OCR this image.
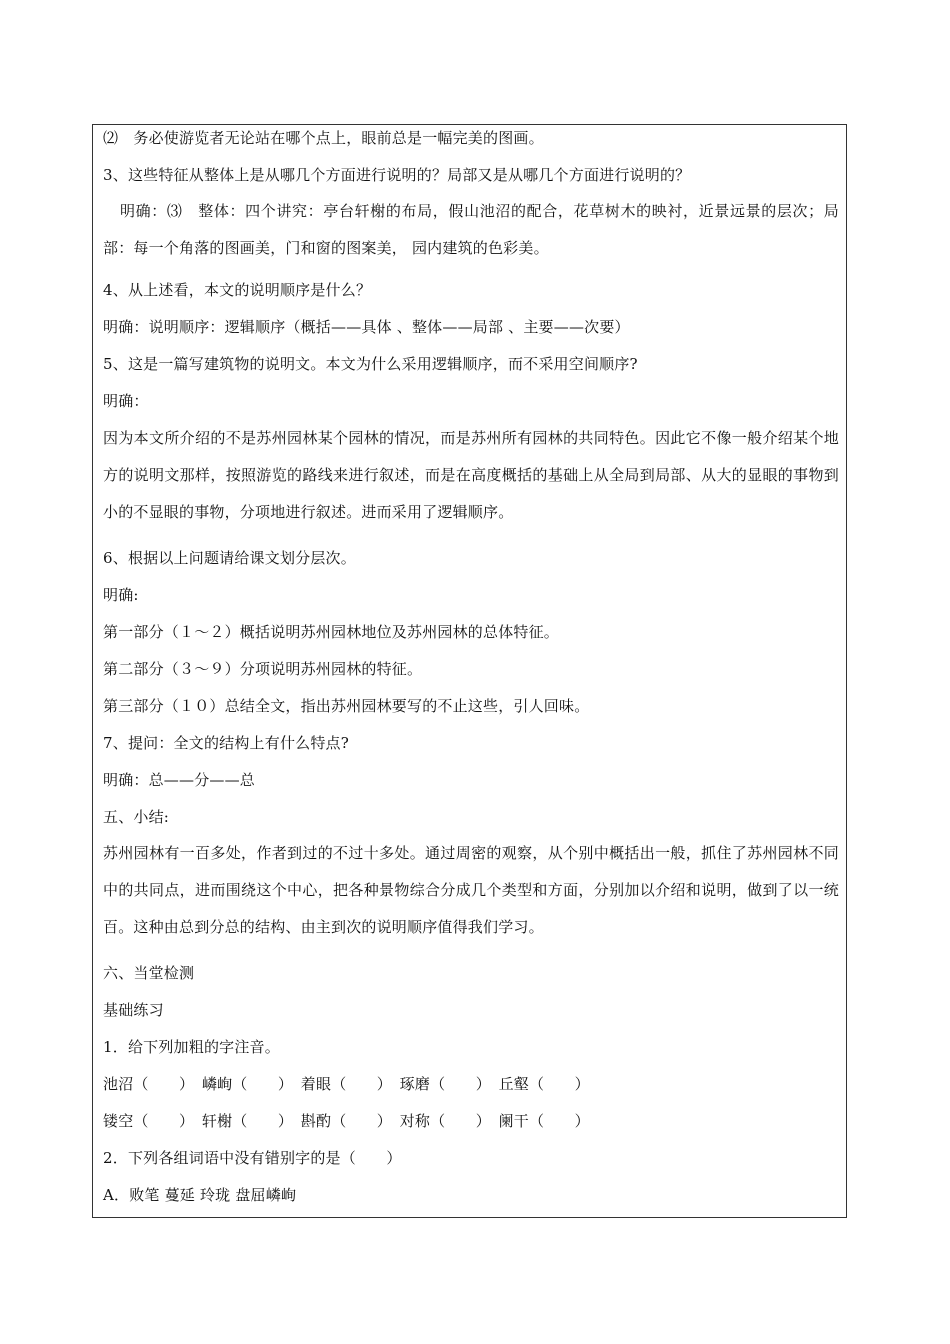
⑵　务必使游览者无论站在哪个点上，眼前总是一幅完美的图画。
3、这些特征从整体上是从哪几个方面进行说明的？局部又是从哪几个方面进行说明的？
明确：⑶　整体：四个讲究：亭台轩榭的布局，假山池沼的配合，花草树木的映衬，近景远景的层次；局部：每一个角落的图画美，门和窗的图案美， 园内建筑的色彩美。
4、从上述看，本文的说明顺序是什么？
明确：说明顺序：逻辑顺序（概括——具体 、整体——局部 、主要——次要）
5、这是一篇写建筑物的说明文。本文为什么采用逻辑顺序，而不采用空间顺序?
明确：
因为本文所介绍的不是苏州园林某个园林的情况，而是苏州所有园林的共同特色。因此它不像一般介绍某个地方的说明文那样，按照游览的路线来进行叙述，而是在高度概括的基础上从全局到局部、从大的显眼的事物到小的不显眼的事物，分项地进行叙述。进而采用了逻辑顺序。
6、根据以上问题请给课文划分层次。
明确:
第一部分（１～２）概括说明苏州园林地位及苏州园林的总体特征。
第二部分（３～９）分项说明苏州园林的特征。
第三部分（１０）总结全文，指出苏州园林要写的不止这些，引人回味。
7、提问：全文的结构上有什么特点?
明确：总——分——总
五、小结:
苏州园林有一百多处，作者到过的不过十多处。通过周密的观察，从个别中概括出一般，抓住了苏州园林不同中的共同点，进而围绕这个中心，把各种景物综合分成几个类型和方面，分别加以介绍和说明，做到了以一统百。这种由总到分总的结构、由主到次的说明顺序值得我们学习。
六、当堂检测
基础练习
1．给下列加粗的字注音。
池沼（　　）　嶙峋（　　）　着眼（　　）　琢磨（　　）　丘壑（　　）
镂空（　　）　轩榭（　　）　斟酌（　　）　对称（　　）　阑干（　　）
2．下列各组词语中没有错别字的是（　　）
A．败笔 蔓延 玲珑 盘屈嶙峋
